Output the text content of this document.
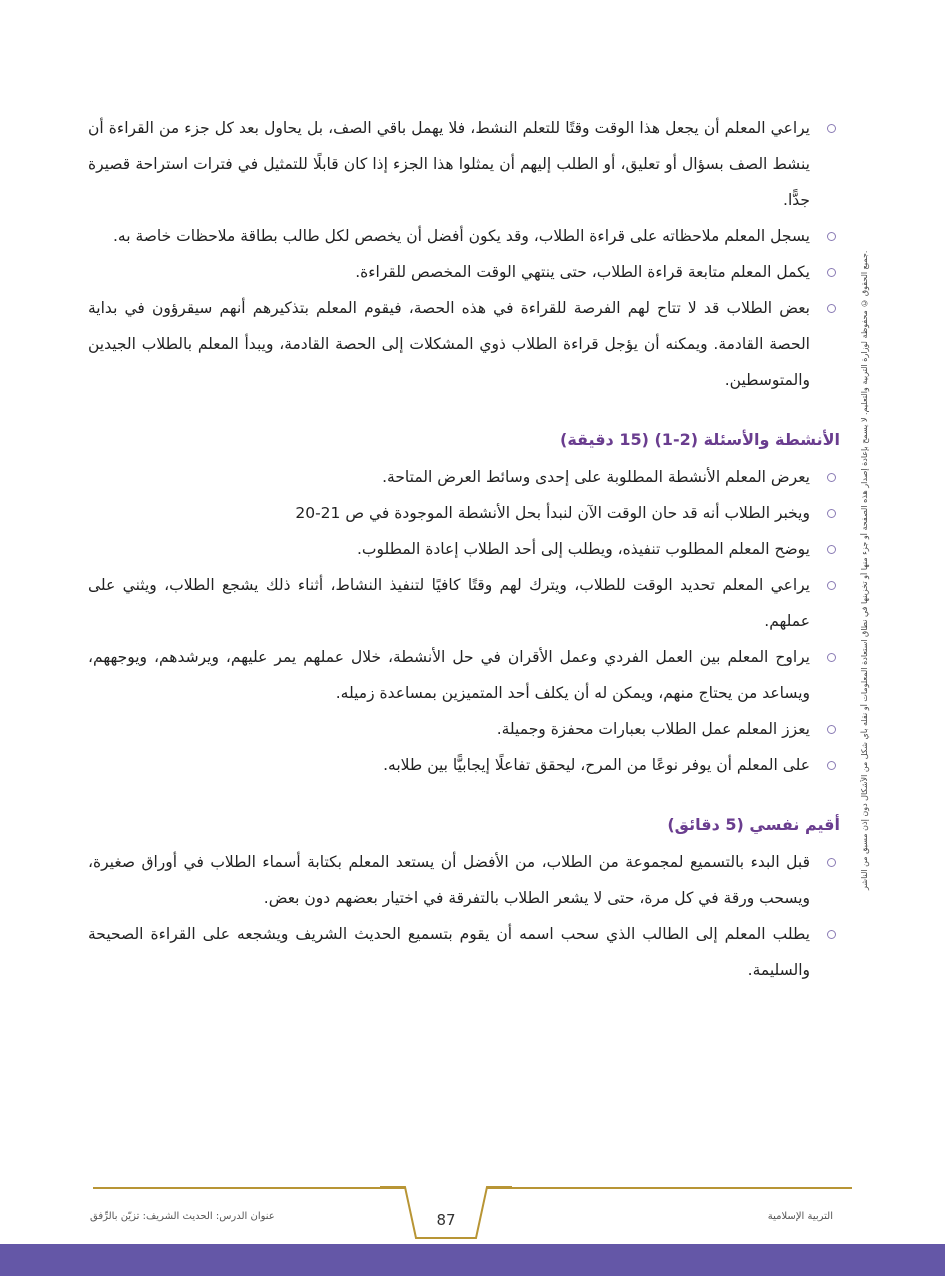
يراعي المعلم أن يجعل هذا الوقت وقتًا للتعلم النشط، فلا يهمل باقي الصف، بل يحاول بعد كل جزء من القراءة أن ينشط الصف بسؤال أو تعليق، أو الطلب إليهم أن يمثلوا هذا الجزء إذا كان قابلًا للتمثيل في فترات استراحة قصيرة جدًّا.
يسجل المعلم ملاحظاته على قراءة الطلاب، وقد يكون أفضل أن يخصص لكل طالب بطاقة ملاحظات خاصة به.
يكمل المعلم متابعة قراءة الطلاب، حتى ينتهي الوقت المخصص للقراءة.
بعض الطلاب قد لا تتاح لهم الفرصة للقراءة في هذه الحصة، فيقوم المعلم بتذكيرهم أنهم سيقرؤون في بداية الحصة القادمة. ويمكنه أن يؤجل قراءة الطلاب ذوي المشكلات إلى الحصة القادمة، ويبدأ المعلم بالطلاب الجيدين والمتوسطين.
الأنشطة والأسئلة (2-1) (15 دقيقة)
يعرض المعلم الأنشطة المطلوبة على إحدى وسائط العرض المتاحة.
ويخبر الطلاب أنه قد حان الوقت الآن لنبدأ بحل الأنشطة الموجودة في ص 21-20
يوضح المعلم المطلوب تنفيذه، ويطلب إلى أحد الطلاب إعادة المطلوب.
يراعي المعلم تحديد الوقت للطلاب، ويترك لهم وقتًا كافيًا لتنفيذ النشاط، أثناء ذلك يشجع الطلاب، ويثني على عملهم.
يراوح المعلم بين العمل الفردي وعمل الأقران في حل الأنشطة، خلال عملهم يمر عليهم، ويرشدهم، ويوجههم، ويساعد من يحتاج منهم، ويمكن له أن يكلف أحد المتميزين بمساعدة زميله.
يعزز المعلم عمل الطلاب بعبارات محفزة وجميلة.
على المعلم أن يوفر نوعًا من المرح، ليحقق تفاعلًا إيجابيًّا بين طلابه.
أقيم نفسي (5 دقائق)
قبل البدء بالتسميع لمجموعة من الطلاب، من الأفضل أن يستعد المعلم بكتابة أسماء الطلاب في أوراق صغيرة، ويسحب ورقة في كل مرة، حتى لا يشعر الطلاب بالتفرقة في اختيار بعضهم دون بعض.
يطلب المعلم إلى الطالب الذي سحب اسمه أن يقوم بتسميع الحديث الشريف ويشجعه على القراءة الصحيحة والسليمة.
جميع الحقوق © محفوظة لوزارة التربية والتعليم. لا يسمح بإعادة إصدار هذه الصفحة أو جزء منها أو تخزينها في نطاق استعادة المعلومات أو نقله بأي شكل من الأشكال دون إذن مسبق من الناشر.
87
عنوان الدرس: الحديث الشريف: تزيّن بالرِّفق	التربية الإسلامية
